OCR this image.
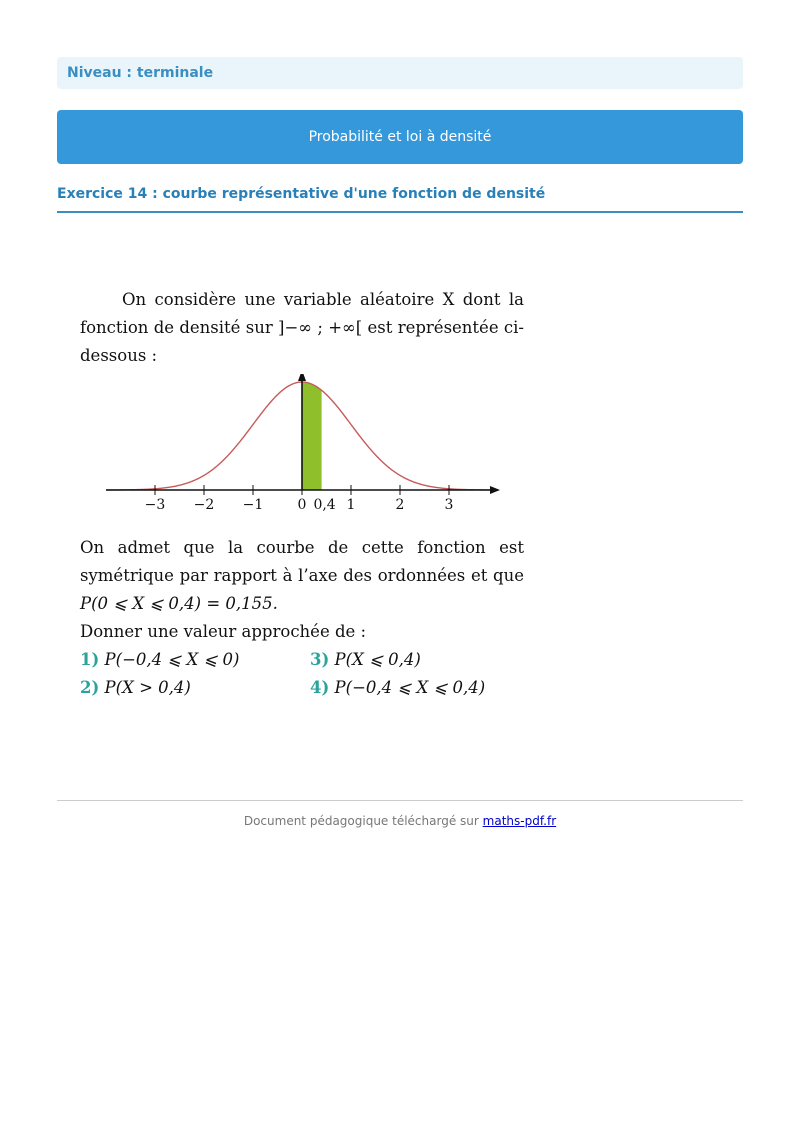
Niveau : terminale
Probabilité et loi à densité
Exercice 14 : courbe représentative d'une fonction de densité

On considère une variable aléatoire X dont la fonction de densité sur ]−∞ ; +∞[ est représentée ci-dessous :

−3 −2 −1 0	1	2	3
0,4

On admet que la courbe de cette fonction est symétrique par rapport à l’axe des ordonnées et que P(0 ⩽ X ⩽ 0,4) = 0,155.

Donner une valeur approchée de :

1) P(−0,4 ⩽ X ⩽ 0)	3) P(X ⩽ 0,4)
2) P(X > 0,4)	4) P(−0,4 ⩽ X ⩽ 0,4)
Document pédagogique téléchargé sur maths-pdf.fr
